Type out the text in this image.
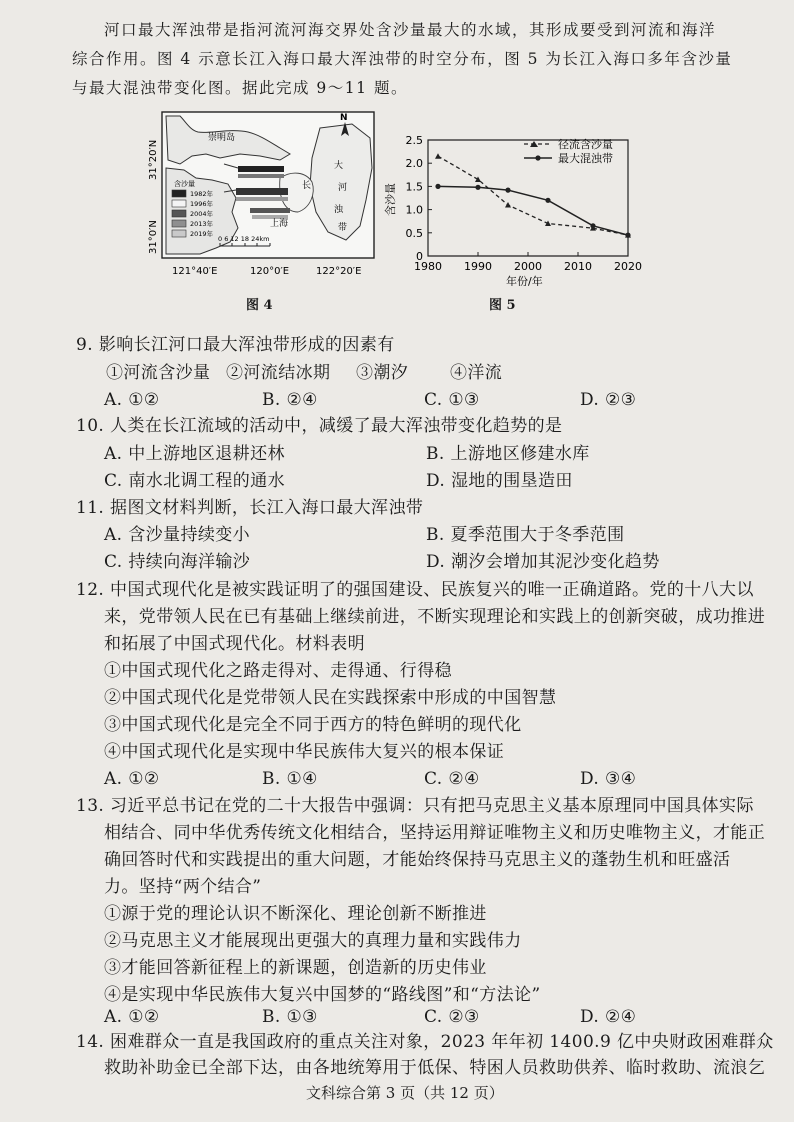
河口最大浑浊带是指河流河海交界处含沙量最大的水域，其形成要受到河流和海洋
综合作用。图 4 示意长江入海口最大浑浊带的时空分布，图 5 为长江入海口多年含沙量
与最大混浊带变化图。据此完成 9～11 题。
崇明岛
长
上海
大
河
浊
带
N
含沙量
1982年
1996年
2004年
2013年
2019年
0 6 12 18 24km
31°20′N
31°0′N
121°40′E	120°0′E	122°20′E
图 4
0
0.5
1.0
1.5
2.0
2.5
1980 1990 2000 2010 2020
含沙量
年份/年
径流含沙量
最大混浊带
图 5
9. 影响长江河口最大浑浊带形成的因素有
①河流含沙量 ②河流结冰期 ③潮汐 ④洋流
A. ①②	B. ②④	C. ①③	D. ②③
10. 人类在长江流域的活动中，减缓了最大浑浊带变化趋势的是
A. 中上游地区退耕还林	B. 上游地区修建水库
C. 南水北调工程的通水	D. 湿地的围垦造田
11. 据图文材料判断，长江入海口最大浑浊带
A. 含沙量持续变小	B. 夏季范围大于冬季范围
C. 持续向海洋输沙	D. 潮汐会增加其泥沙变化趋势
12. 中国式现代化是被实践证明了的强国建设、民族复兴的唯一正确道路。党的十八大以
来，党带领人民在已有基础上继续前进，不断实现理论和实践上的创新突破，成功推进
和拓展了中国式现代化。材料表明
①中国式现代化之路走得对、走得通、行得稳
②中国式现代化是党带领人民在实践探索中形成的中国智慧
③中国式现代化是完全不同于西方的特色鲜明的现代化
④中国式现代化是实现中华民族伟大复兴的根本保证
A. ①②	B. ①④	C. ②④	D. ③④
13. 习近平总书记在党的二十大报告中强调：只有把马克思主义基本原理同中国具体实际
相结合、同中华优秀传统文化相结合，坚持运用辩证唯物主义和历史唯物主义，才能正
确回答时代和实践提出的重大问题，才能始终保持马克思主义的蓬勃生机和旺盛活
力。坚持“两个结合”
①源于党的理论认识不断深化、理论创新不断推进
②马克思主义才能展现出更强大的真理力量和实践伟力
③才能回答新征程上的新课题，创造新的历史伟业
④是实现中华民族伟大复兴中国梦的“路线图”和“方法论”
A. ①②	B. ①③	C. ②③	D. ②④
14. 困难群众一直是我国政府的重点关注对象，2023 年年初 1400.9 亿中央财政困难群众
救助补助金已全部下达，由各地统筹用于低保、特困人员救助供养、临时救助、流浪乞
文科综合第 3 页（共 12 页）
